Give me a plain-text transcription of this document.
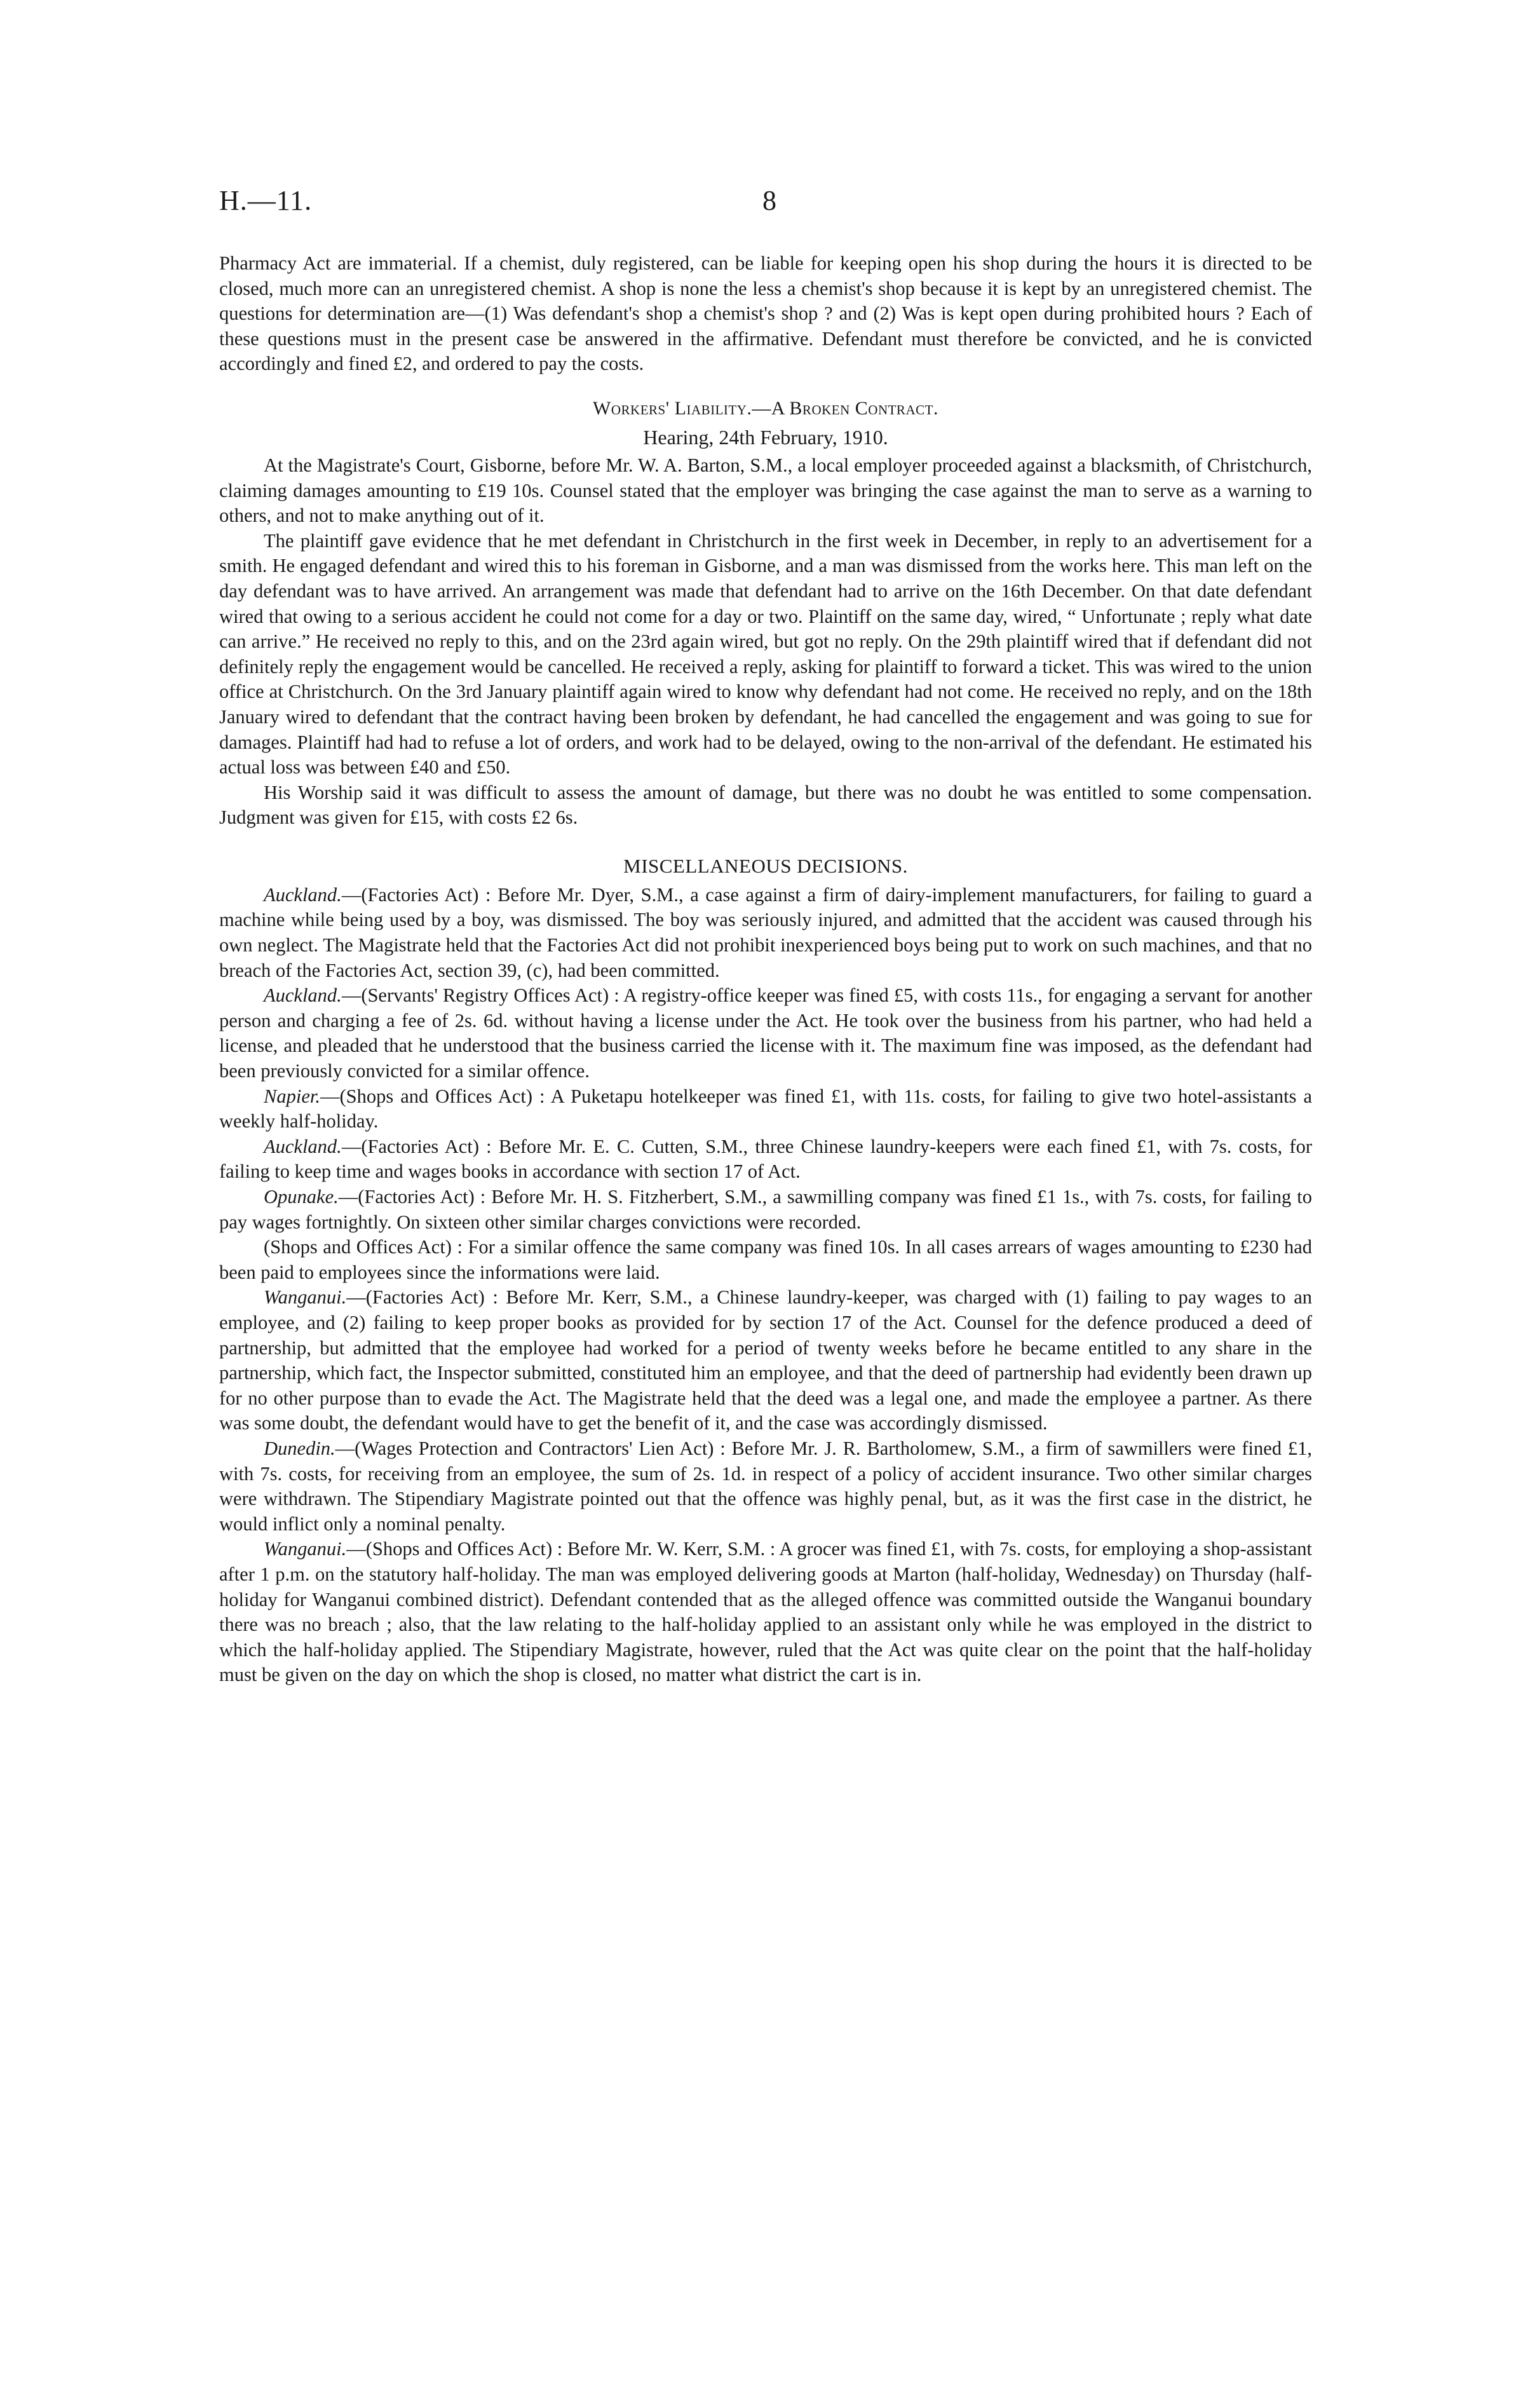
H.—11.	8

Pharmacy Act are immaterial. If a chemist, duly registered, can be liable for keeping open his shop during the hours it is directed to be closed, much more can an unregistered chemist. A shop is none the less a chemist's shop because it is kept by an unregistered chemist. The questions for determination are—(1) Was defendant's shop a chemist's shop ? and (2) Was is kept open during prohibited hours ? Each of these questions must in the present case be answered in the affirmative. Defendant must therefore be convicted, and he is convicted accordingly and fined £2, and ordered to pay the costs.

Workers' Liability.—A Broken Contract.
Hearing, 24th February, 1910.

At the Magistrate's Court, Gisborne, before Mr. W. A. Barton, S.M., a local employer proceeded against a blacksmith, of Christchurch, claiming damages amounting to £19 10s. Counsel stated that the employer was bringing the case against the man to serve as a warning to others, and not to make anything out of it.

The plaintiff gave evidence that he met defendant in Christchurch in the first week in December, in reply to an advertisement for a smith. He engaged defendant and wired this to his foreman in Gisborne, and a man was dismissed from the works here. This man left on the day defendant was to have arrived. An arrangement was made that defendant had to arrive on the 16th December. On that date defendant wired that owing to a serious accident he could not come for a day or two. Plaintiff on the same day, wired, “ Unfortunate ; reply what date can arrive.” He received no reply to this, and on the 23rd again wired, but got no reply. On the 29th plaintiff wired that if defendant did not definitely reply the engagement would be cancelled. He received a reply, asking for plaintiff to forward a ticket. This was wired to the union office at Christchurch. On the 3rd January plaintiff again wired to know why defendant had not come. He received no reply, and on the 18th January wired to defendant that the contract having been broken by defendant, he had cancelled the engagement and was going to sue for damages. Plaintiff had had to refuse a lot of orders, and work had to be delayed, owing to the non-arrival of the defendant. He estimated his actual loss was between £40 and £50.

His Worship said it was difficult to assess the amount of damage, but there was no doubt he was entitled to some compensation. Judgment was given for £15, with costs £2 6s.

MISCELLANEOUS DECISIONS.

Auckland.—(Factories Act) : Before Mr. Dyer, S.M., a case against a firm of dairy-implement manufacturers, for failing to guard a machine while being used by a boy, was dismissed. The boy was seriously injured, and admitted that the accident was caused through his own neglect. The Magistrate held that the Factories Act did not prohibit inexperienced boys being put to work on such machines, and that no breach of the Factories Act, section 39, (c), had been committed.

Auckland.—(Servants' Registry Offices Act) : A registry-office keeper was fined £5, with costs 11s., for engaging a servant for another person and charging a fee of 2s. 6d. without having a license under the Act. He took over the business from his partner, who had held a license, and pleaded that he understood that the business carried the license with it. The maximum fine was imposed, as the defendant had been previously convicted for a similar offence.

Napier.—(Shops and Offices Act) : A Puketapu hotelkeeper was fined £1, with 11s. costs, for failing to give two hotel-assistants a weekly half-holiday.

Auckland.—(Factories Act) : Before Mr. E. C. Cutten, S.M., three Chinese laundry-keepers were each fined £1, with 7s. costs, for failing to keep time and wages books in accordance with section 17 of Act.

Opunake.—(Factories Act) : Before Mr. H. S. Fitzherbert, S.M., a sawmilling company was fined £1 1s., with 7s. costs, for failing to pay wages fortnightly. On sixteen other similar charges convictions were recorded.

(Shops and Offices Act) : For a similar offence the same company was fined 10s. In all cases arrears of wages amounting to £230 had been paid to employees since the informations were laid.

Wanganui.—(Factories Act) : Before Mr. Kerr, S.M., a Chinese laundry-keeper, was charged with (1) failing to pay wages to an employee, and (2) failing to keep proper books as provided for by section 17 of the Act. Counsel for the defence produced a deed of partnership, but admitted that the employee had worked for a period of twenty weeks before he became entitled to any share in the partnership, which fact, the Inspector submitted, constituted him an employee, and that the deed of partnership had evidently been drawn up for no other purpose than to evade the Act. The Magistrate held that the deed was a legal one, and made the employee a partner. As there was some doubt, the defendant would have to get the benefit of it, and the case was accordingly dismissed.

Dunedin.—(Wages Protection and Contractors' Lien Act) : Before Mr. J. R. Bartholomew, S.M., a firm of sawmillers were fined £1, with 7s. costs, for receiving from an employee, the sum of 2s. 1d. in respect of a policy of accident insurance. Two other similar charges were withdrawn. The Stipendiary Magistrate pointed out that the offence was highly penal, but, as it was the first case in the district, he would inflict only a nominal penalty.

Wanganui.—(Shops and Offices Act) : Before Mr. W. Kerr, S.M. : A grocer was fined £1, with 7s. costs, for employing a shop-assistant after 1 p.m. on the statutory half-holiday. The man was employed delivering goods at Marton (half-holiday, Wednesday) on Thursday (half-holiday for Wanganui combined district). Defendant contended that as the alleged offence was committed outside the Wanganui boundary there was no breach ; also, that the law relating to the half-holiday applied to an assistant only while he was employed in the district to which the half-holiday applied. The Stipendiary Magistrate, however, ruled that the Act was quite clear on the point that the half-holiday must be given on the day on which the shop is closed, no matter what district the cart is in.
